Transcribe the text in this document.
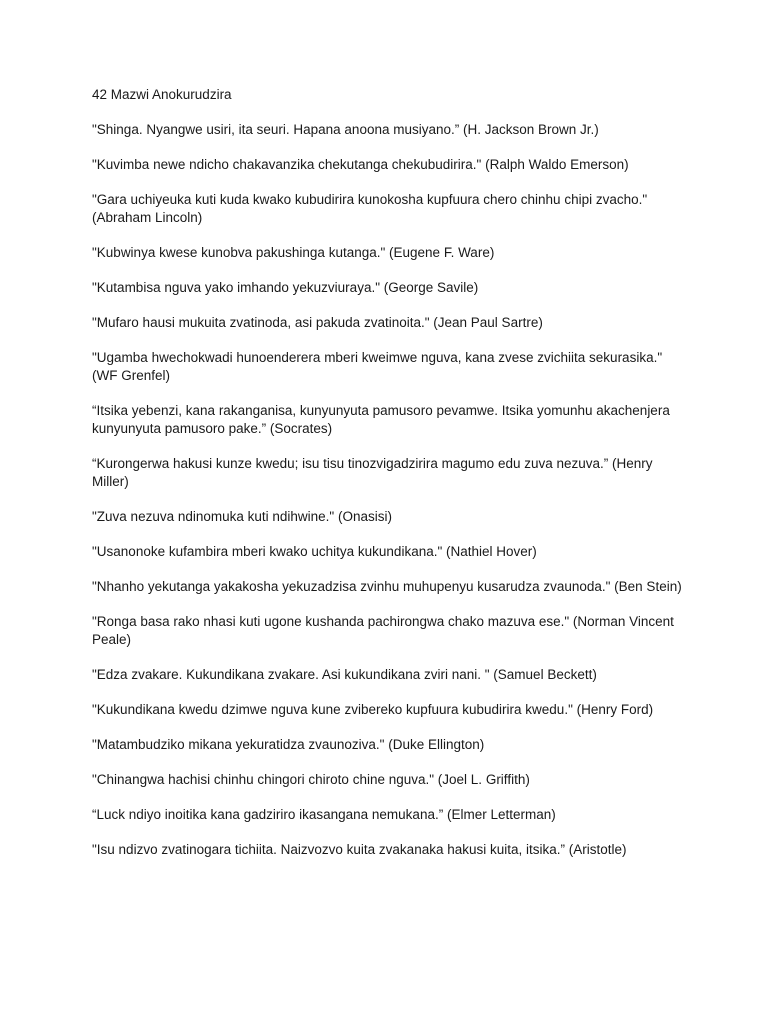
42 Mazwi Anokurudzira
"Shinga. Nyangwe usiri, ita seuri. Hapana anoona musiyano.” (H. Jackson Brown Jr.)
"Kuvimba newe ndicho chakavanzika chekutanga chekubudirira." (Ralph Waldo Emerson)
"Gara uchiyeuka kuti kuda kwako kubudirira kunokosha kupfuura chero chinhu chipi zvacho." (Abraham Lincoln)
"Kubwinya kwese kunobva pakushinga kutanga." (Eugene F. Ware)
"Kutambisa nguva yako imhando yekuzviuraya." (George Savile)
"Mufaro hausi mukuita zvatinoda, asi pakuda zvatinoita." (Jean Paul Sartre)
"Ugamba hwechokwadi hunoenderera mberi kweimwe nguva, kana zvese zvichiita sekurasika." (WF Grenfel)
“Itsika yebenzi, kana rakanganisa, kunyunyuta pamusoro pevamwe. Itsika yomunhu akachenjera kunyunyuta pamusoro pake.” (Socrates)
“Kurongerwa hakusi kunze kwedu; isu tisu tinozvigadzirira magumo edu zuva nezuva.” (Henry Miller)
"Zuva nezuva ndinomuka kuti ndihwine." (Onasisi)
"Usanonoke kufambira mberi kwako uchitya kukundikana." (Nathiel Hover)
"Nhanho yekutanga yakakosha yekuzadzisa zvinhu muhupenyu kusarudza zvaunoda." (Ben Stein)
"Ronga basa rako nhasi kuti ugone kushanda pachirongwa chako mazuva ese." (Norman Vincent Peale)
"Edza zvakare. Kukundikana zvakare. Asi kukundikana zviri nani. " (Samuel Beckett)
"Kukundikana kwedu dzimwe nguva kune zvibereko kupfuura kubudirira kwedu." (Henry Ford)
"Matambudziko mikana yekuratidza zvaunoziva." (Duke Ellington)
"Chinangwa hachisi chinhu chingori chiroto chine nguva." (Joel L. Griffith)
“Luck ndiyo inoitika kana gadziriro ikasangana nemukana.” (Elmer Letterman)
"Isu ndizvo zvatinogara tichiita. Naizvozvo kuita zvakanaka hakusi kuita, itsika.” (Aristotle)
